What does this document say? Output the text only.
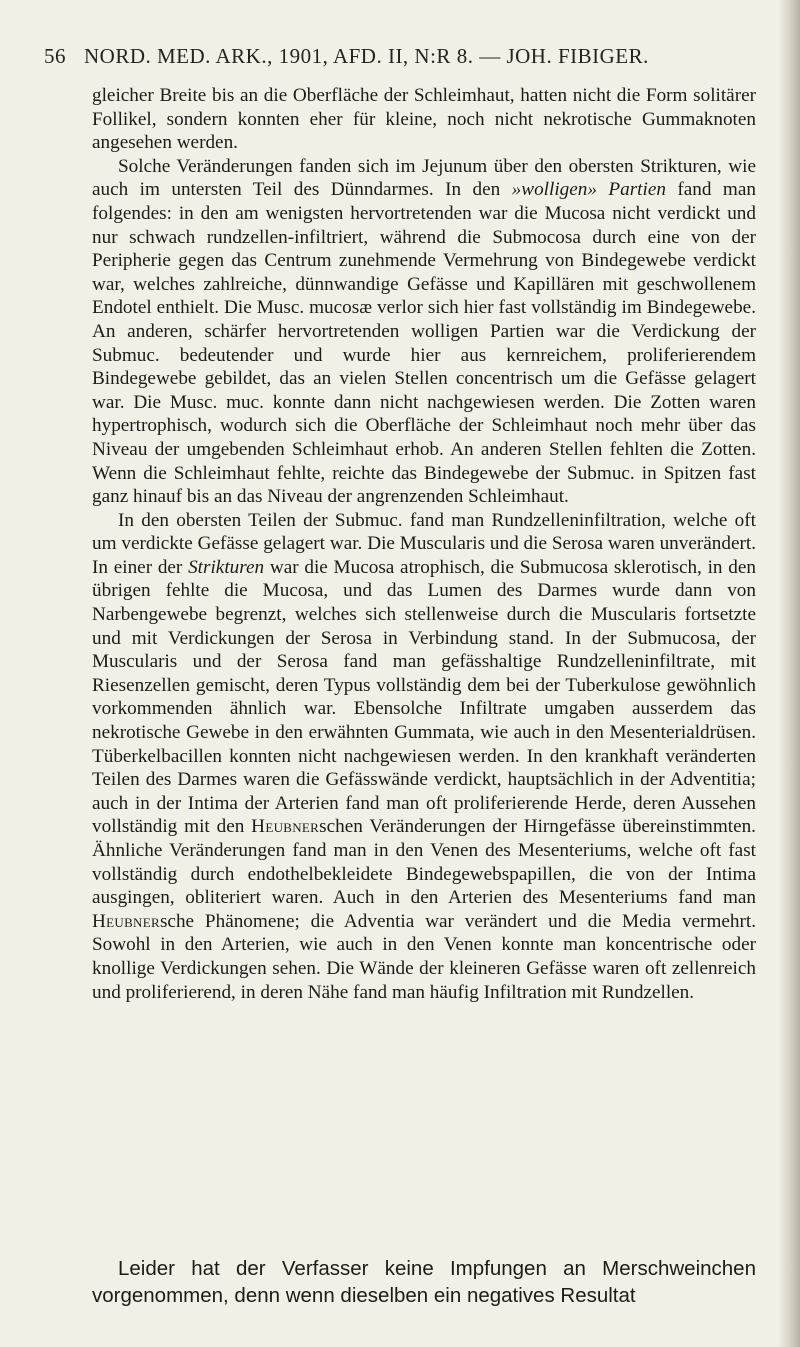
56 NORD. MED. ARK., 1901, AFD. II, N:R 8. — JOH. FIBIGER.

gleicher Breite bis an die Oberfläche der Schleimhaut, hatten nicht die Form solitärer Follikel, sondern konnten eher für kleine, noch nicht nekrotische Gummaknoten angesehen werden.

Solche Veränderungen fanden sich im Jejunum über den obersten Strikturen, wie auch im untersten Teil des Dünndarmes. In den »wolligen» Partien fand man folgendes: in den am wenigsten hervortretenden war die Mucosa nicht verdickt und nur schwach rundzellen-infiltriert, während die Submocosa durch eine von der Peripherie gegen das Centrum zunehmende Vermehrung von Bindegewebe verdickt war, welches zahlreiche, dünnwandige Gefässe und Kapillären mit geschwollenem Endotel enthielt. Die Musc. mucosæ verlor sich hier fast vollständig im Bindegewebe. An anderen, schärfer hervortretenden wolligen Partien war die Verdickung der Submuc. bedeutender und wurde hier aus kernreichem, proliferierendem Bindegewebe gebildet, das an vielen Stellen concentrisch um die Gefässe gelagert war. Die Musc. muc. konnte dann nicht nachgewiesen werden. Die Zotten waren hypertrophisch, wodurch sich die Oberfläche der Schleimhaut noch mehr über das Niveau der umgebenden Schleimhaut erhob. An anderen Stellen fehlten die Zotten. Wenn die Schleimhaut fehlte, reichte das Bindegewebe der Submuc. in Spitzen fast ganz hinauf bis an das Niveau der angrenzenden Schleimhaut.

In den obersten Teilen der Submuc. fand man Rundzelleninfiltration, welche oft um verdickte Gefässe gelagert war. Die Muscularis und die Serosa waren unverändert. In einer der Strikturen war die Mucosa atrophisch, die Submucosa sklerotisch, in den übrigen fehlte die Mucosa, und das Lumen des Darmes wurde dann von Narbengewebe begrenzt, welches sich stellenweise durch die Muscularis fortsetzte und mit Verdickungen der Serosa in Verbindung stand. In der Submucosa, der Muscularis und der Serosa fand man gefässhaltige Rundzelleninfiltrate, mit Riesenzellen gemischt, deren Typus vollständig dem bei der Tuberkulose gewöhnlich vorkommenden ähnlich war. Ebensolche Infiltrate umgaben ausserdem das nekrotische Gewebe in den erwähnten Gummata, wie auch in den Mesenterialdrüsen. Tüberkelbacillen konnten nicht nachgewiesen werden. In den krankhaft veränderten Teilen des Darmes waren die Gefässwände verdickt, hauptsächlich in der Adventitia; auch in der Intima der Arterien fand man oft proliferierende Herde, deren Aussehen vollständig mit den Heubnerschen Veränderungen der Hirngefässe übereinstimmten. Ähnliche Veränderungen fand man in den Venen des Mesenteriums, welche oft fast vollständig durch endothelbekleidete Bindegewebspapillen, die von der Intima ausgingen, obliteriert waren. Auch in den Arterien des Mesenteriums fand man Heubnersche Phänomene; die Adventia war verändert und die Media vermehrt. Sowohl in den Arterien, wie auch in den Venen konnte man koncentrische oder knollige Verdickungen sehen. Die Wände der kleineren Gefässe waren oft zellenreich und proliferierend, in deren Nähe fand man häufig Infiltration mit Rundzellen.

Leider hat der Verfasser keine Impfungen an Merschweinchen vorgenommen, denn wenn dieselben ein negatives Resultat
